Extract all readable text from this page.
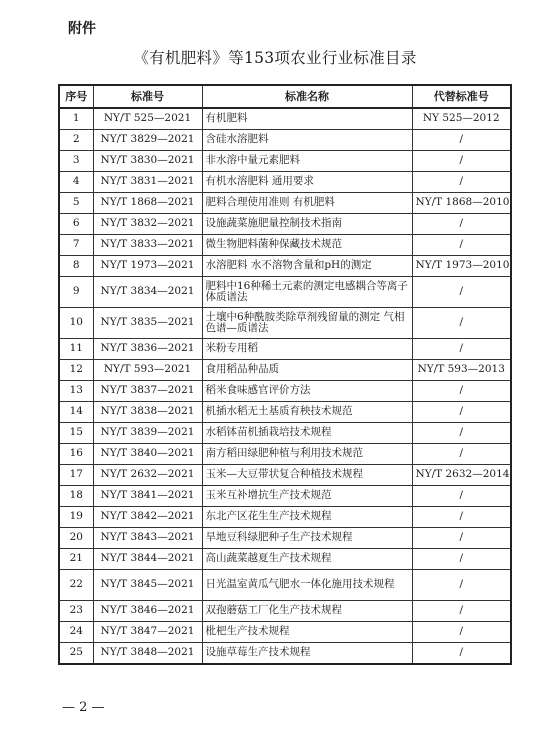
附件
《有机肥料》等153项农业行业标准目录
序号	标准号	标准名称	代替标准号
1	NY/T 525—2021	有机肥料	NY 525—2012
2	NY/T 3829—2021	含硅水溶肥料	/
3	NY/T 3830—2021	非水溶中量元素肥料	/
4	NY/T 3831—2021	有机水溶肥料 通用要求	/
5	NY/T 1868—2021	肥料合理使用准则 有机肥料	NY/T 1868—2010
6	NY/T 3832—2021	设施蔬菜施肥量控制技术指南	/
7	NY/T 3833—2021	微生物肥料菌种保藏技术规范	/
8	NY/T 1973—2021	水溶肥料 水不溶物含量和pH的测定	NY/T 1973—2010
9	NY/T 3834—2021	肥料中16种稀土元素的测定电感耦合等离子体质谱法	/
10	NY/T 3835—2021	土壤中6种酰胺类除草剂残留量的测定 气相色谱—质谱法	/
11	NY/T 3836—2021	米粉专用稻	/
12	NY/T 593—2021	食用稻品种品质	NY/T 593—2013
13	NY/T 3837—2021	稻米食味感官评价方法	/
14	NY/T 3838—2021	机插水稻无土基质育秧技术规范	/
15	NY/T 3839—2021	水稻钵苗机插栽培技术规程	/
16	NY/T 3840—2021	南方稻田绿肥种植与利用技术规范	/
17	NY/T 2632—2021	玉米—大豆带状复合种植技术规程	NY/T 2632—2014
18	NY/T 3841—2021	玉米互补增抗生产技术规范	/
19	NY/T 3842—2021	东北产区花生生产技术规程	/
20	NY/T 3843—2021	旱地豆科绿肥种子生产技术规程	/
21	NY/T 3844—2021	高山蔬菜越夏生产技术规程	/
22	NY/T 3845—2021	日光温室黄瓜气肥水一体化施用技术规程	/
23	NY/T 3846—2021	双孢蘑菇工厂化生产技术规程	/
24	NY/T 3847—2021	枇杷生产技术规程	/
25	NY/T 3848—2021	设施草莓生产技术规程	/
— 2 —
